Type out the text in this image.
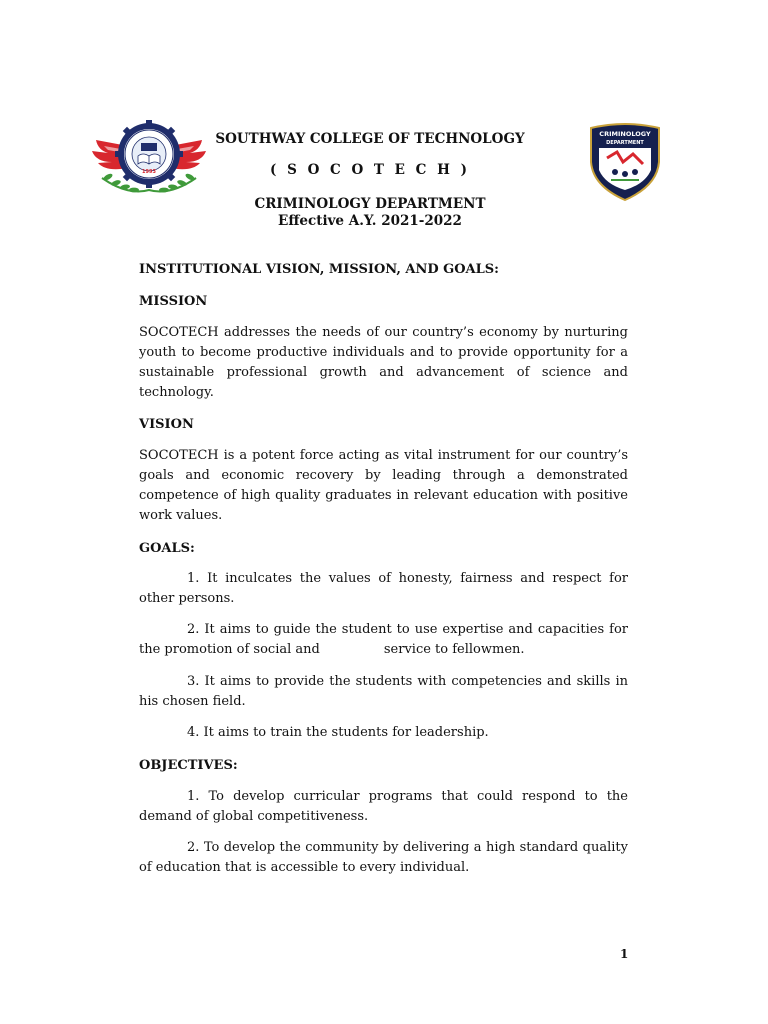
1993
SOUTHWAY COLLEGE OF TECHNOLOGY
( S O C O T E C H )
CRIMINOLOGY DEPARTMENT
Effective A.Y. 2021-2022
CRIMINOLOGY
DEPARTMENT
INSTITUTIONAL VISION, MISSION, AND GOALS:
MISSION

SOCOTECH addresses the needs of our country’s economy by nurturing youth to become productive individuals and to provide opportunity for a sustainable professional growth and advancement of science and technology.

VISION

SOCOTECH is a potent force acting as vital instrument for our country’s goals and economic recovery by leading through a demonstrated competence of high quality graduates in relevant education with positive work values.

GOALS:

1. It inculcates the values of honesty, fairness and respect for other persons.

2. It aims to guide the student to use expertise and capacities for the promotion of social and	service to fellowmen.

3. It aims to provide the students with competencies and skills in his chosen field.

4. It aims to train the students for leadership.

OBJECTIVES:

1. To develop curricular programs that could respond to the demand of global competitiveness.

2. To develop the community by delivering a high standard quality of education that is accessible to every individual.

1
